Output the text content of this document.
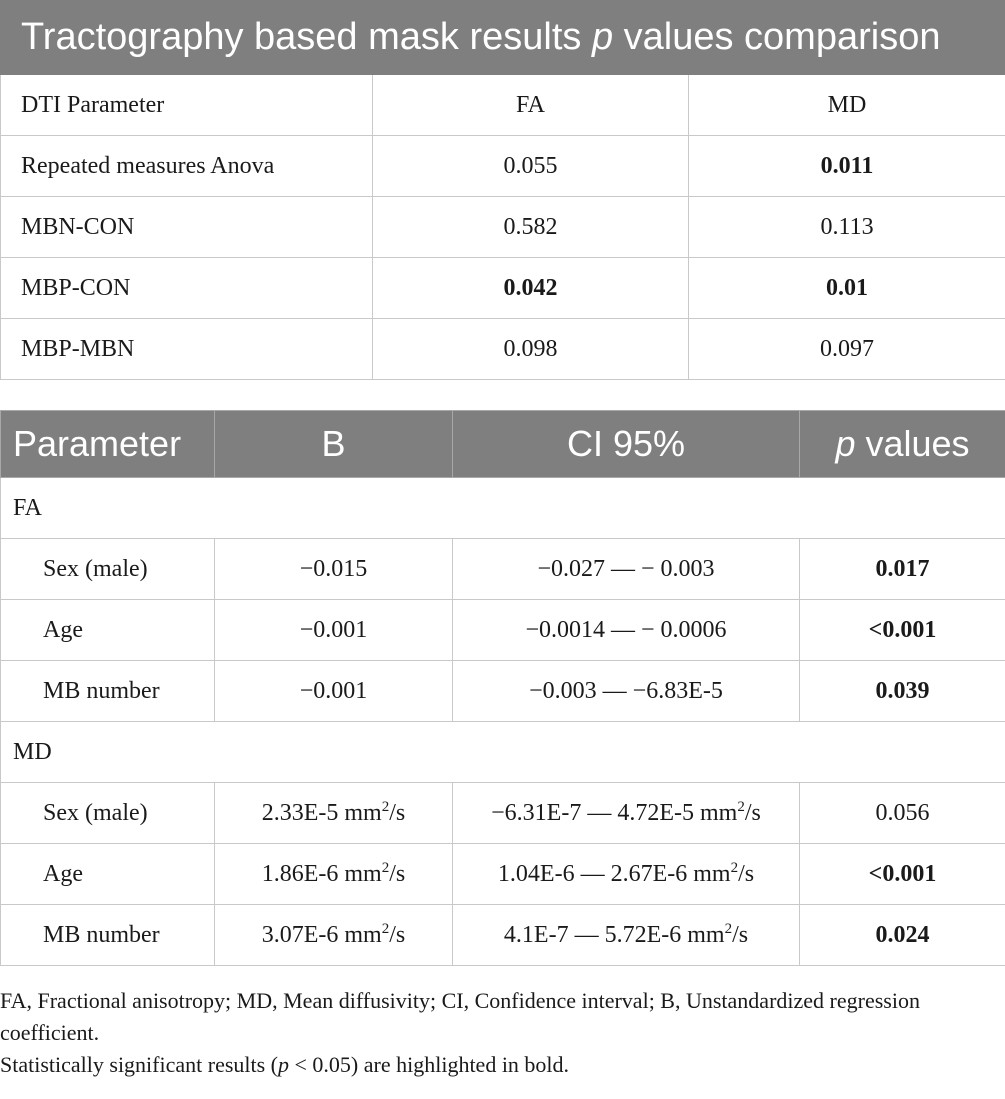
Tractography based mask results p values comparison		
DTI Parameter	FA	MD
Repeated measures Anova	0.055	0.011
MBN-CON	0.582	0.113
MBP-CON	0.042	0.01
MBP-MBN	0.098	0.097
Parameter	B	CI 95%	p values
FA			
Sex (male)	−0.015	−0.027 — − 0.003	0.017
Age	−0.001	−0.0014 — − 0.0006	<0.001
MB number	−0.001	−0.003 — −6.83E-5	0.039
MD			
Sex (male)	2.33E-5 $mm^2/s$	−6.31E-7 — 4.72E-5 $mm^2/s$	0.056
Age	1.86E-6 $mm^2/s$	1.04E-6 — 2.67E-6 $mm^2/s$	<0.001
MB number	3.07E-6 $mm^2/s$	4.1E-7 — 5.72E-6 $mm^2/s$	0.024

FA, Fractional anisotropy; MD, Mean diffusivity; CI, Confidence interval; B, Unstandardized regression coefficient.

Statistically significant results (p < 0.05) are highlighted in bold.
